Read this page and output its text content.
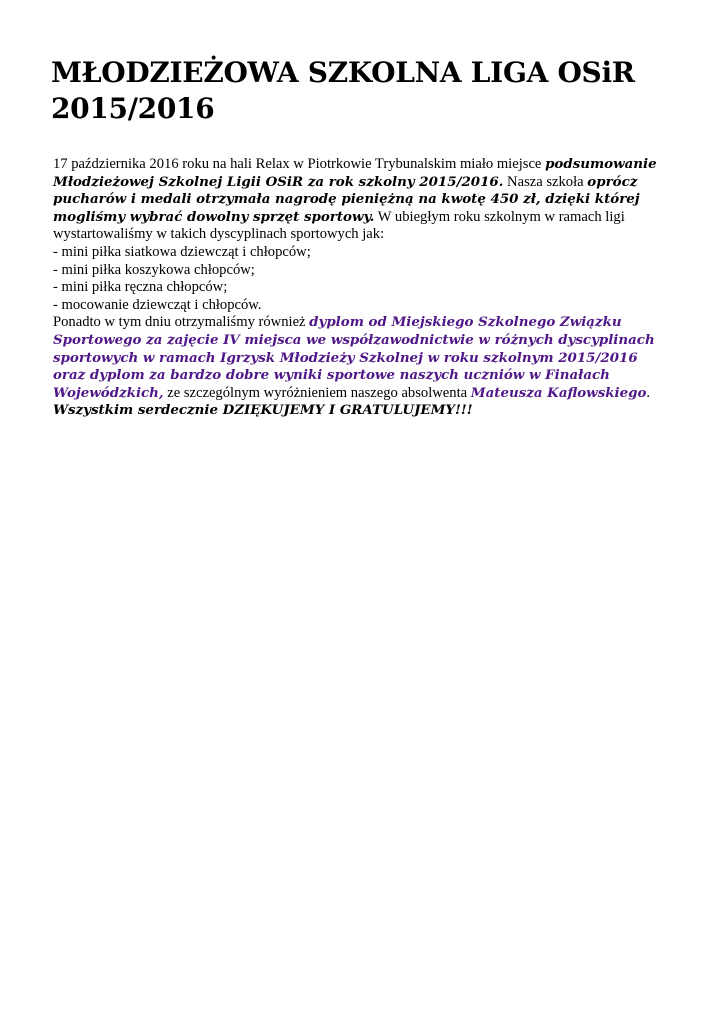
MŁODZIEŻOWA SZKOLNA LIGA OSiR
2015/2016

17 października 2016 roku na hali Relax w Piotrkowie Trybunalskim miało miejsce podsumowanie Młodzieżowej Szkolnej Ligii OSiR za rok szkolny 2015/2016. Nasza szkoła oprócz pucharów i medali otrzymała nagrodę pieniężną na kwotę 450 zł, dzięki której mogliśmy wybrać dowolny sprzęt sportowy. W ubiegłym roku szkolnym w ramach ligi wystartowaliśmy w takich dyscyplinach sportowych jak:

- mini piłka siatkowa dziewcząt i chłopców;

- mini piłka koszykowa chłopców;

- mini piłka ręczna chłopców;

- mocowanie dziewcząt i chłopców.

Ponadto w tym dniu otrzymaliśmy również dyplom od Miejskiego Szkolnego Związku Sportowego za zajęcie IV miejsca we współzawodnictwie w różnych dyscyplinach sportowych w ramach Igrzysk Młodzieży Szkolnej w roku szkolnym 2015/2016 oraz dyplom za bardzo dobre wyniki sportowe naszych uczniów w Finałach Wojewódzkich, ze szczególnym wyróżnieniem naszego absolwenta Mateusza Kaflowskiego.

Wszystkim serdecznie DZIĘKUJEMY I GRATULUJEMY!!!
